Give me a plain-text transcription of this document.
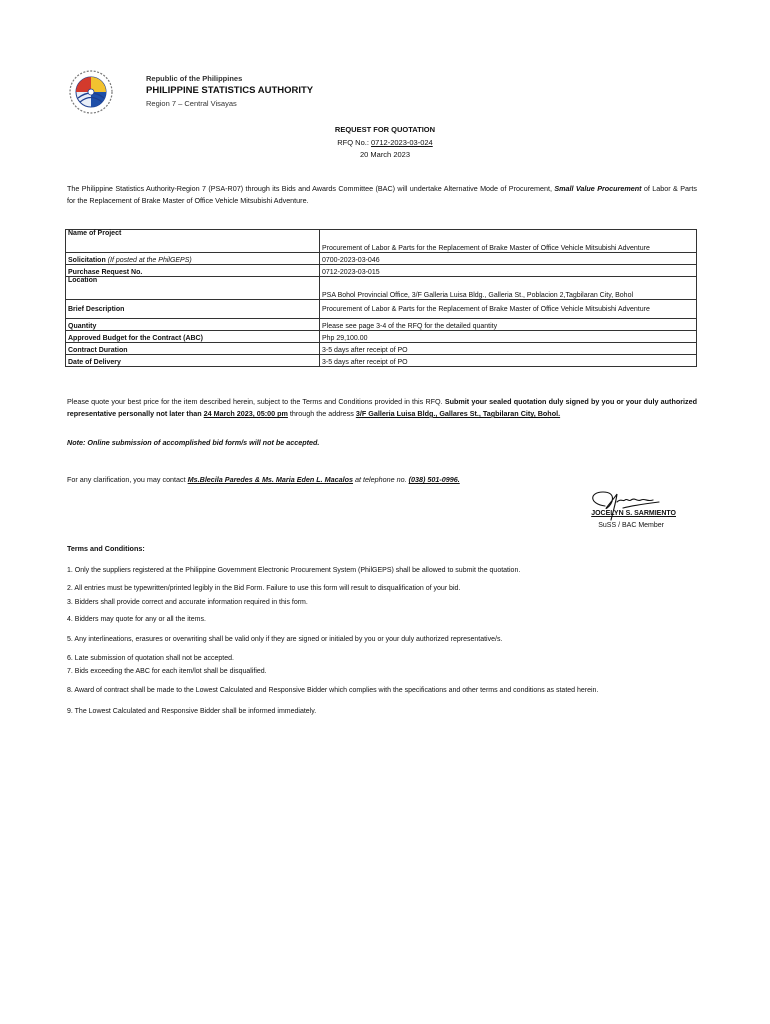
Republic of the Philippines
PHILIPPINE STATISTICS AUTHORITY
Region 7 – Central Visayas
REQUEST FOR QUOTATION
RFQ No.: 0712-2023-03-024
20 March 2023
The Philippine Statistics Authority-Region 7 (PSA-R07) through its Bids and Awards Committee (BAC) will undertake Alternative Mode of Procurement, Small Value Procurement of Labor & Parts for the Replacement of Brake Master of Office Vehicle Mitsubishi Adventure.
Name of Project	Procurement of Labor & Parts for the Replacement of Brake Master of Office Vehicle Mitsubishi Adventure
Solicitation (If posted at the PhilGEPS)	0700-2023-03-046
Purchase Request No.	0712-2023-03-015
Location	PSA Bohol Provincial Office, 3/F Galleria Luisa Bldg., Galleria St., Poblacion 2,Tagbilaran City, Bohol
Brief Description	Procurement of Labor & Parts for the Replacement of Brake Master of Office Vehicle Mitsubishi Adventure
Quantity	Please see page 3-4 of the RFQ for the detailed quantity
Approved Budget for the Contract (ABC)	Php 29,100.00
Contract Duration	3-5 days after receipt of PO
Date of Delivery	3-5 days after receipt of PO
Please quote your best price for the item described herein, subject to the Terms and Conditions provided in this RFQ. Submit your sealed quotation duly signed by you or your duly authorized representative personally not later than 24 March 2023, 05:00 pm through the address 3/F Galleria Luisa Bldg., Gallares St., Tagbilaran City, Bohol.
Note: Online submission of accomplished bid form/s will not be accepted.
For any clarification, you may contact Ms.Blecila Paredes & Ms. Maria Eden L. Macalos at telephone no. (038) 501-0996.
JOCELYN S. SARMIENTO
SuSS / BAC Member
Terms and Conditions:
1. Only the suppliers registered at the Philippine Government Electronic Procurement System (PhilGEPS) shall be allowed to submit the quotation.
2. All entries must be typewritten/printed legibly in the Bid Form. Failure to use this form will result to disqualification of your bid.
3. Bidders shall provide correct and accurate information required in this form.
4. Bidders may quote for any or all the items.
5. Any interlineations, erasures or overwriting shall be valid only if they are signed or initialed by you or your duly authorized representative/s.
6. Late submission of quotation shall not be accepted.
7. Bids exceeding the ABC for each item/lot shall be disqualified.
8. Award of contract shall be made to the Lowest Calculated and Responsive Bidder which complies with the specifications and other terms and conditions as stated herein.
9. The Lowest Calculated and Responsive Bidder shall be informed immediately.
